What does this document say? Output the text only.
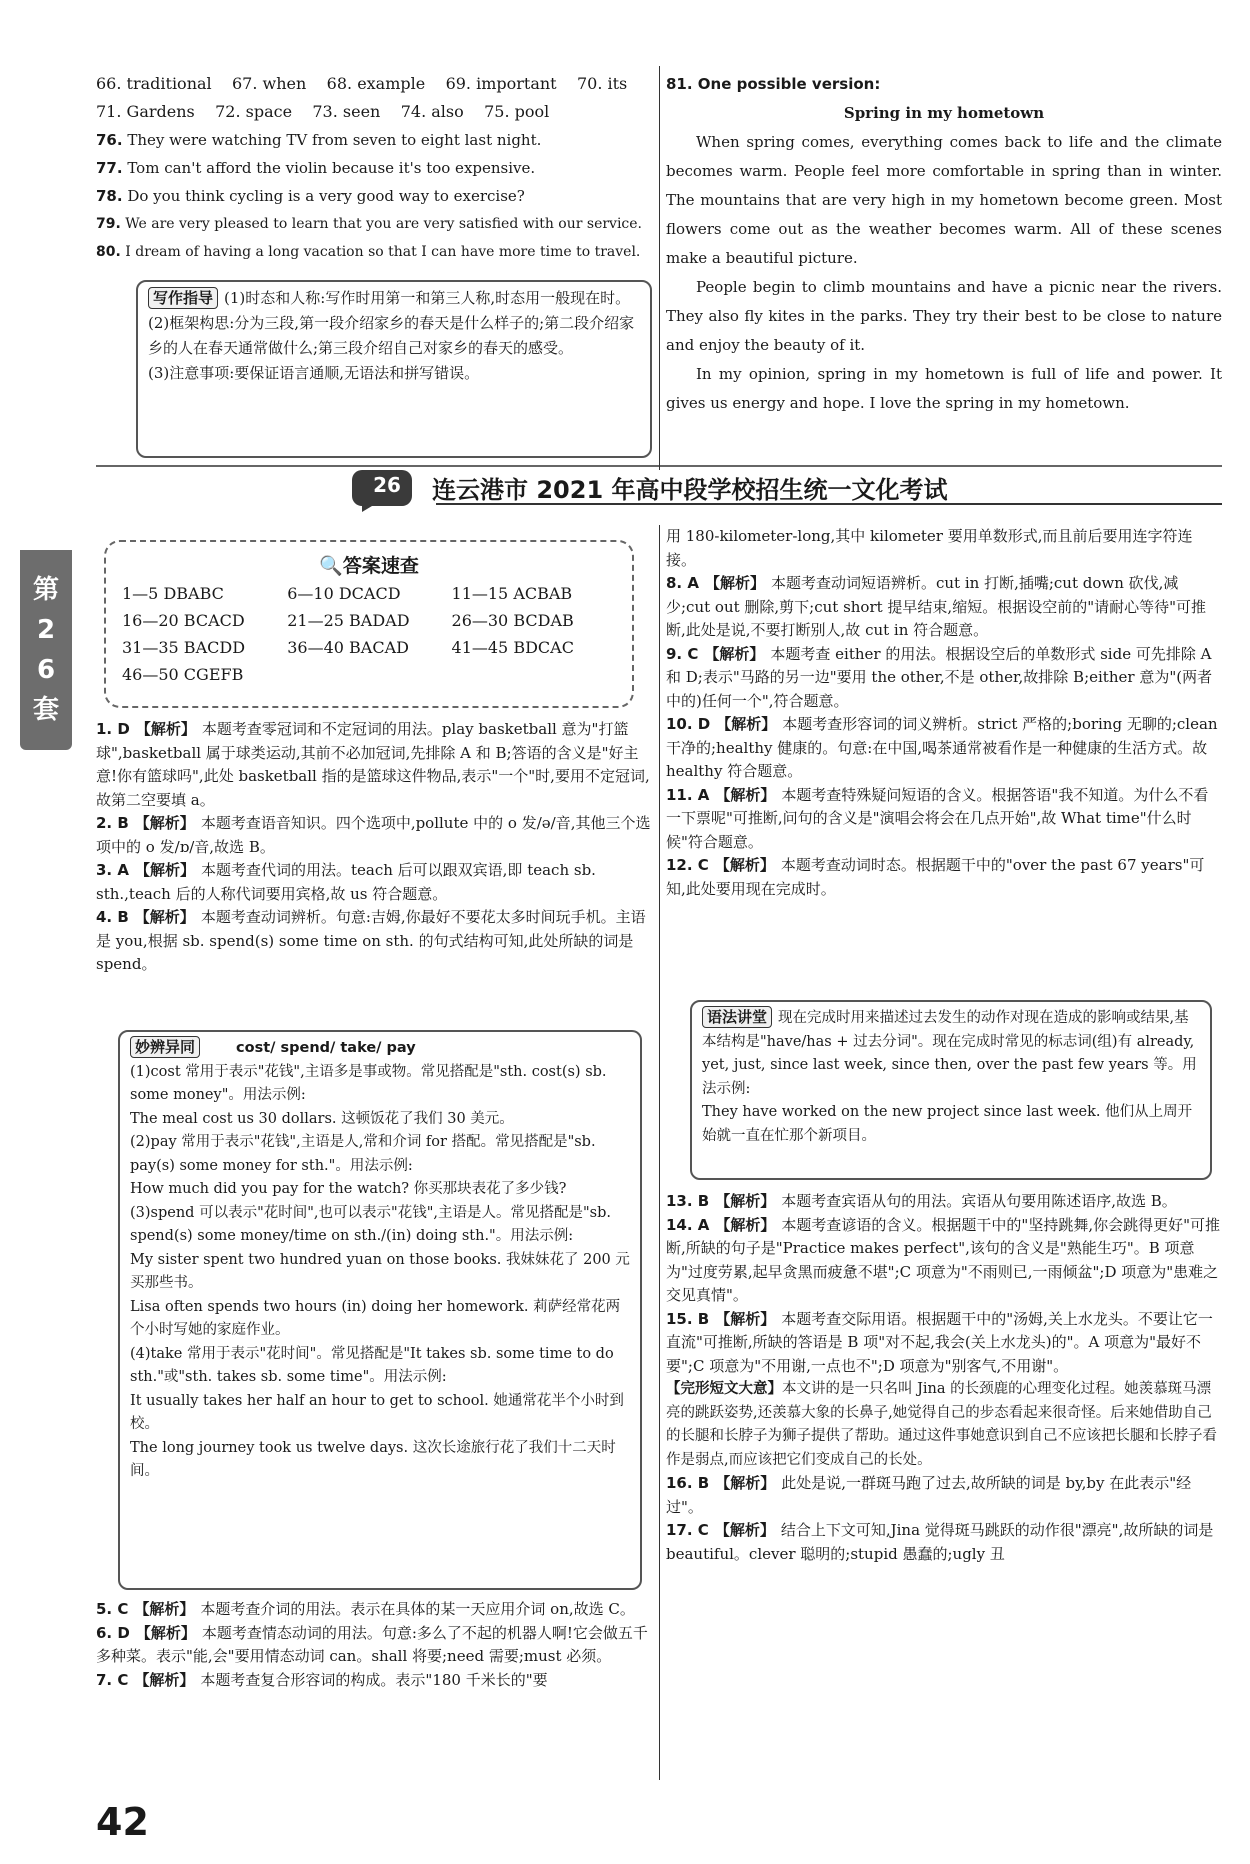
66. traditional 67. when 68. example 69. important 70. its
71. Gardens 72. space 73. seen 74. also 75. pool
76. They were watching TV from seven to eight last night.
77. Tom can't afford the violin because it's too expensive.
78. Do you think cycling is a very good way to exercise?
79. We are very pleased to learn that you are very satisfied with our service.
80. I dream of having a long vacation so that I can have more time to travel.
写作指导 (1)时态和人称:写作时用第一和第三人称,时态用一般现在时。
(2)框架构思:分为三段,第一段介绍家乡的春天是什么样子的;第二段介绍家乡的人在春天通常做什么;第三段介绍自己对家乡的春天的感受。
(3)注意事项:要保证语言通顺,无语法和拼写错误。
81. One possible version:
Spring in my hometown
When spring comes, everything comes back to life and the climate becomes warm. People feel more comfortable in spring than in winter. The mountains that are very high in my hometown become green. Most flowers come out as the weather becomes warm. All of these scenes make a beautiful picture.
People begin to climb mountains and have a picnic near the rivers. They also fly kites in the parks. They try their best to be close to nature and enjoy the beauty of it.
In my opinion, spring in my hometown is full of life and power. It gives us energy and hope. I love the spring in my hometown.
26 连云港市 2021 年高中段学校招生统一文化考试
第26套
🔍答案速查
1—5 DBABC	6—10 DCACD	11—15 ACBAB
16—20 BCACD	21—25 BADAD	26—30 BCDAB
31—35 BACDD	36—40 BACAD	41—45 BDCAC
46—50 CGEFB		
1. D 【解析】 本题考查零冠词和不定冠词的用法。play basketball 意为"打篮球",basketball 属于球类运动,其前不必加冠词,先排除 A 和 B;答语的含义是"好主意!你有篮球吗",此处 basketball 指的是篮球这件物品,表示"一个"时,要用不定冠词,故第二空要填 a。
2. B 【解析】 本题考查语音知识。四个选项中,pollute 中的 o 发/ə/音,其他三个选项中的 o 发/ɒ/音,故选 B。
3. A 【解析】 本题考查代词的用法。teach 后可以跟双宾语,即 teach sb. sth.,teach 后的人称代词要用宾格,故 us 符合题意。
4. B 【解析】 本题考查动词辨析。句意:吉姆,你最好不要花太多时间玩手机。主语是 you,根据 sb. spend(s) some time on sth. 的句式结构可知,此处所缺的词是 spend。
妙辨异同	cost/ spend/ take/ pay
(1)cost 常用于表示"花钱",主语多是事或物。常见搭配是"sth. cost(s) sb. some money"。用法示例:
The meal cost us 30 dollars. 这顿饭花了我们 30 美元。
(2)pay 常用于表示"花钱",主语是人,常和介词 for 搭配。常见搭配是"sb. pay(s) some money for sth."。用法示例:
How much did you pay for the watch? 你买那块表花了多少钱?
(3)spend 可以表示"花时间",也可以表示"花钱",主语是人。常见搭配是"sb. spend(s) some money/time on sth./(in) doing sth."。用法示例:
My sister spent two hundred yuan on those books. 我妹妹花了 200 元买那些书。
Lisa often spends two hours (in) doing her homework. 莉萨经常花两个小时写她的家庭作业。
(4)take 常用于表示"花时间"。常见搭配是"It takes sb. some time to do sth."或"sth. takes sb. some time"。用法示例:
It usually takes her half an hour to get to school. 她通常花半个小时到校。
The long journey took us twelve days. 这次长途旅行花了我们十二天时间。
5. C 【解析】 本题考查介词的用法。表示在具体的某一天应用介词 on,故选 C。
6. D 【解析】 本题考查情态动词的用法。句意:多么了不起的机器人啊!它会做五千多种菜。表示"能,会"要用情态动词 can。shall 将要;need 需要;must 必须。
7. C 【解析】 本题考查复合形容词的构成。表示"180 千米长的"要
用 180-kilometer-long,其中 kilometer 要用单数形式,而且前后要用连字符连接。
8. A 【解析】 本题考查动词短语辨析。cut in 打断,插嘴;cut down 砍伐,减少;cut out 删除,剪下;cut short 提早结束,缩短。根据设空前的"请耐心等待"可推断,此处是说,不要打断别人,故 cut in 符合题意。
9. C 【解析】 本题考查 either 的用法。根据设空后的单数形式 side 可先排除 A 和 D;表示"马路的另一边"要用 the other,不是 other,故排除 B;either 意为"(两者中的)任何一个",符合题意。
10. D 【解析】 本题考查形容词的词义辨析。strict 严格的;boring 无聊的;clean 干净的;healthy 健康的。句意:在中国,喝茶通常被看作是一种健康的生活方式。故 healthy 符合题意。
11. A 【解析】 本题考查特殊疑问短语的含义。根据答语"我不知道。为什么不看一下票呢"可推断,问句的含义是"演唱会将会在几点开始",故 What time"什么时候"符合题意。
12. C 【解析】 本题考查动词时态。根据题干中的"over the past 67 years"可知,此处要用现在完成时。
语法讲堂 现在完成时用来描述过去发生的动作对现在造成的影响或结果,基本结构是"have/has + 过去分词"。现在完成时常见的标志词(组)有 already, yet, just, since last week, since then, over the past few years 等。用法示例:
They have worked on the new project since last week. 他们从上周开始就一直在忙那个新项目。
13. B 【解析】 本题考查宾语从句的用法。宾语从句要用陈述语序,故选 B。
14. A 【解析】 本题考查谚语的含义。根据题干中的"坚持跳舞,你会跳得更好"可推断,所缺的句子是"Practice makes perfect",该句的含义是"熟能生巧"。B 项意为"过度劳累,起早贪黑而疲惫不堪";C 项意为"不雨则已,一雨倾盆";D 项意为"患难之交见真情"。
15. B 【解析】 本题考查交际用语。根据题干中的"汤姆,关上水龙头。不要让它一直流"可推断,所缺的答语是 B 项"对不起,我会(关上水龙头)的"。A 项意为"最好不要";C 项意为"不用谢,一点也不";D 项意为"别客气,不用谢"。
【完形短文大意】本文讲的是一只名叫 Jina 的长颈鹿的心理变化过程。她羡慕斑马漂亮的跳跃姿势,还羡慕大象的长鼻子,她觉得自己的步态看起来很奇怪。后来她借助自己的长腿和长脖子为狮子提供了帮助。通过这件事她意识到自己不应该把长腿和长脖子看作是弱点,而应该把它们变成自己的长处。
16. B 【解析】 此处是说,一群斑马跑了过去,故所缺的词是 by,by 在此表示"经过"。
17. C 【解析】 结合上下文可知,Jina 觉得斑马跳跃的动作很"漂亮",故所缺的词是 beautiful。clever 聪明的;stupid 愚蠢的;ugly 丑
42
